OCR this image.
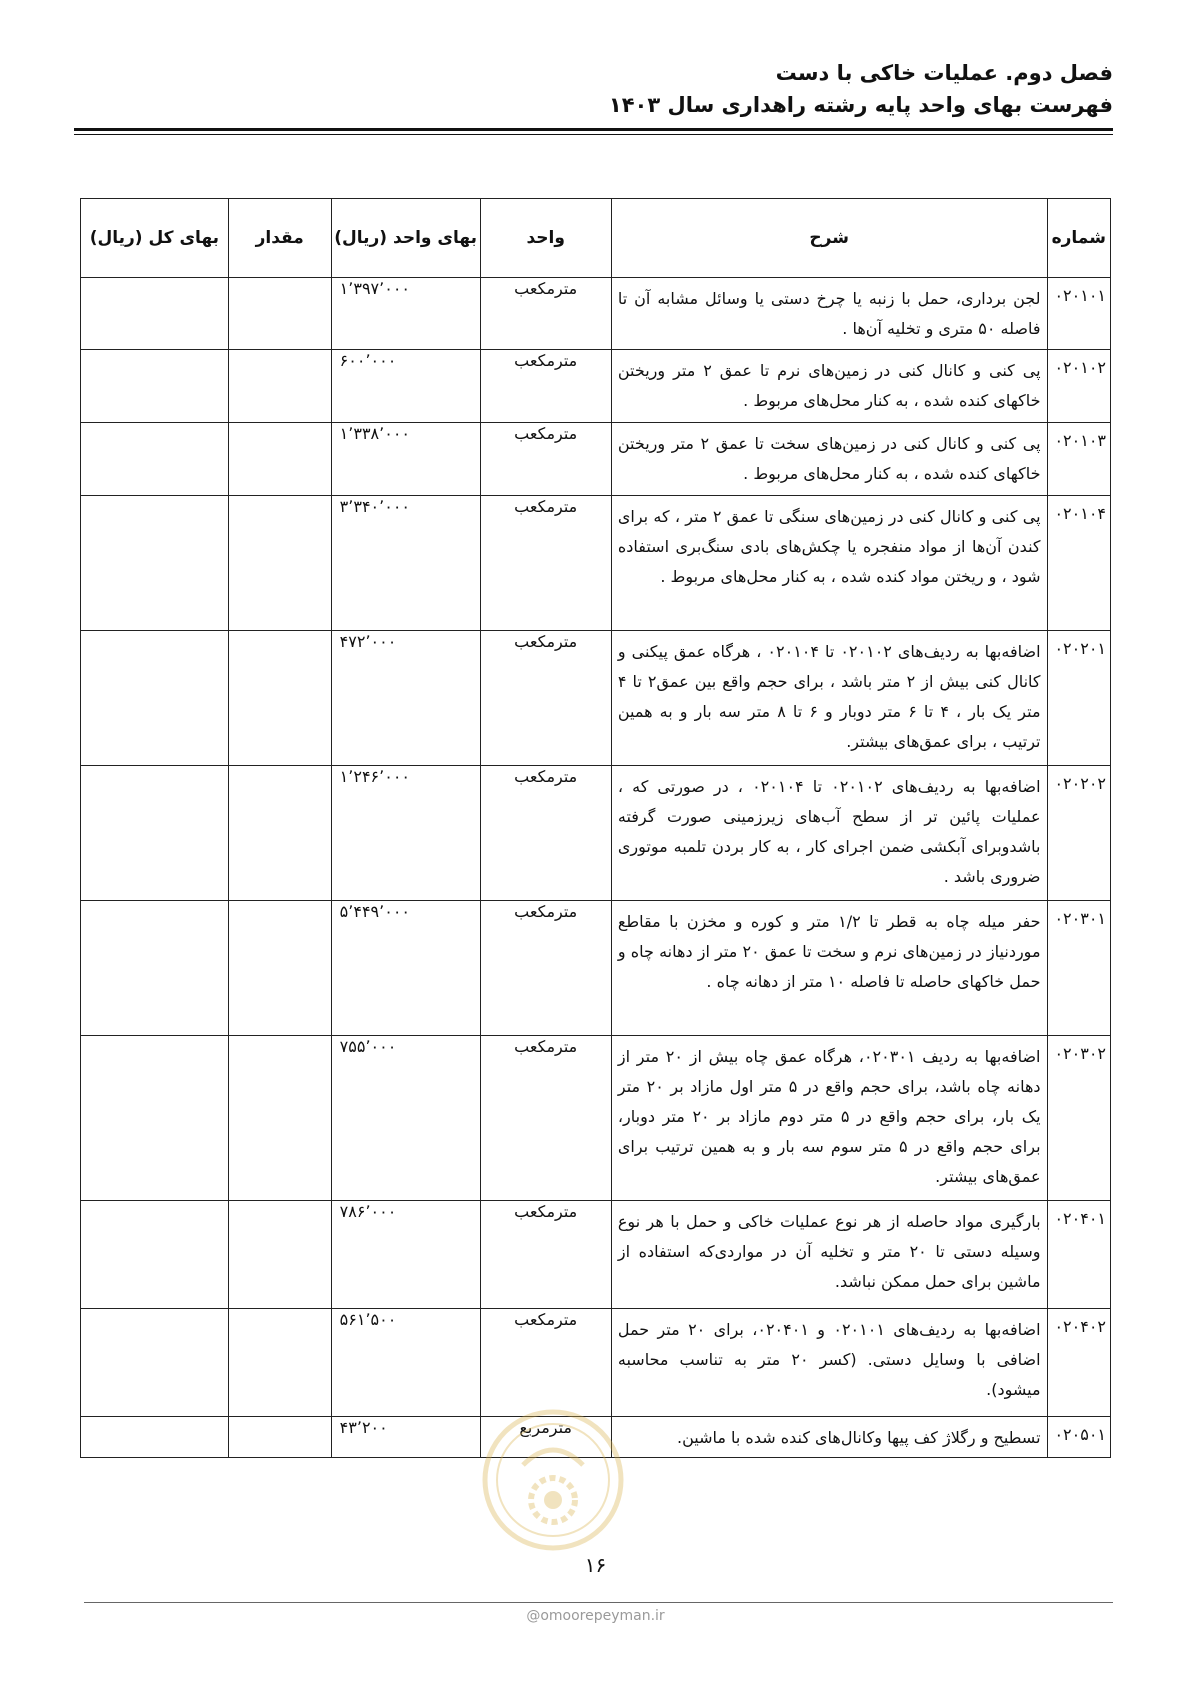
فصل دوم. عملیات خاکی با دست
فهرست بهای واحد پایه رشته راهداری سال ۱۴۰۳
شماره	شرح	واحد	بهای واحد (ریال)	مقدار	بهای کل (ریال)
۰۲۰۱۰۱	لجن برداری، حمل با زنبه یا چرخ دستی یا وسائل مشابه آن تا فاصله ۵۰ متری و تخلیه آن‌ها .	مترمکعب	۱٬۳۹۷٬۰۰۰		
۰۲۰۱۰۲	پی کنی و کانال کنی در زمین‌های نرم تا عمق ۲ متر وریختن خاکهای کنده شده ، به کنار محل‌های مربوط .	مترمکعب	۶۰۰٬۰۰۰		
۰۲۰۱۰۳	پی کنی و کانال کنی در زمین‌های سخت تا عمق ۲ متر وریختن خاکهای کنده شده ، به کنار محل‌های مربوط .	مترمکعب	۱٬۳۳۸٬۰۰۰		
۰۲۰۱۰۴	پی کنی و کانال کنی در زمین‌های سنگی تا عمق ۲ متر ، که برای کندن آن‌ها از مواد منفجره یا چکش‌های بادی سنگ‌بری استفاده شود ، و ریختن مواد کنده شده ، به کنار محل‌های مربوط .	مترمکعب	۳٬۳۴۰٬۰۰۰		
۰۲۰۲۰۱	اضافه‌بها به ردیف‌های ۰۲۰۱۰۲ تا ۰۲۰۱۰۴ ، هرگاه عمق پیکنی و کانال کنی بیش از ۲ متر باشد ، برای حجم واقع بین عمق۲ تا ۴ متر یک بار ، ۴ تا ۶ متر دوبار و ۶ تا ۸ متر سه بار و به همین ترتیب ، برای عمق‌های بیشتر.	مترمکعب	۴۷۲٬۰۰۰		
۰۲۰۲۰۲	اضافه‌بها به ردیف‌های ۰۲۰۱۰۲ تا ۰۲۰۱۰۴ ، در صورتی که ، عملیات پائین تر از سطح آب‌های زیرزمینی صورت گرفته باشدوبرای آبکشی ضمن اجرای کار ، به کار بردن تلمبه موتوری ضروری باشد .	مترمکعب	۱٬۲۴۶٬۰۰۰		
۰۲۰۳۰۱	حفر میله چاه به قطر تا ۱/۲ متر و کوره و مخزن با مقاطع موردنیاز در زمین‌های نرم و سخت تا عمق ۲۰ متر از دهانه چاه و حمل خاکهای حاصله تا فاصله ۱۰ متر از دهانه چاه .	مترمکعب	۵٬۴۴۹٬۰۰۰		
۰۲۰۳۰۲	اضافه‌بها به ردیف ۰۲۰۳۰۱، هرگاه عمق چاه بیش از ۲۰ متر از دهانه چاه باشد، برای حجم واقع در ۵ متر اول مازاد بر ۲۰ متر یک بار، برای حجم واقع در ۵ متر دوم مازاد بر ۲۰ متر دوبار، برای حجم واقع در ۵ متر سوم سه بار و به همین ترتیب برای عمق‌های بیشتر.	مترمکعب	۷۵۵٬۰۰۰		
۰۲۰۴۰۱	بارگیری مواد حاصله از هر نوع عملیات خاکی و حمل با هر نوع وسیله دستی تا ۲۰ متر و تخلیه آن در مواردی‌که استفاده از ماشین برای حمل ممکن نباشد.	مترمکعب	۷۸۶٬۰۰۰		
۰۲۰۴۰۲	اضافه‌بها به ردیف‌های ۰۲۰۱۰۱ و ۰۲۰۴۰۱، برای ۲۰ متر حمل اضافی با وسایل دستی. (کسر ۲۰ متر به تناسب محاسبه میشود).	مترمکعب	۵۶۱٬۵۰۰		
۰۲۰۵۰۱	تسطیح و رگلاژ کف پیها وکانال‌های کنده شده با ماشین.	مترمربع	۴۳٬۲۰۰		
۱۶
@omoorepeyman.ir
